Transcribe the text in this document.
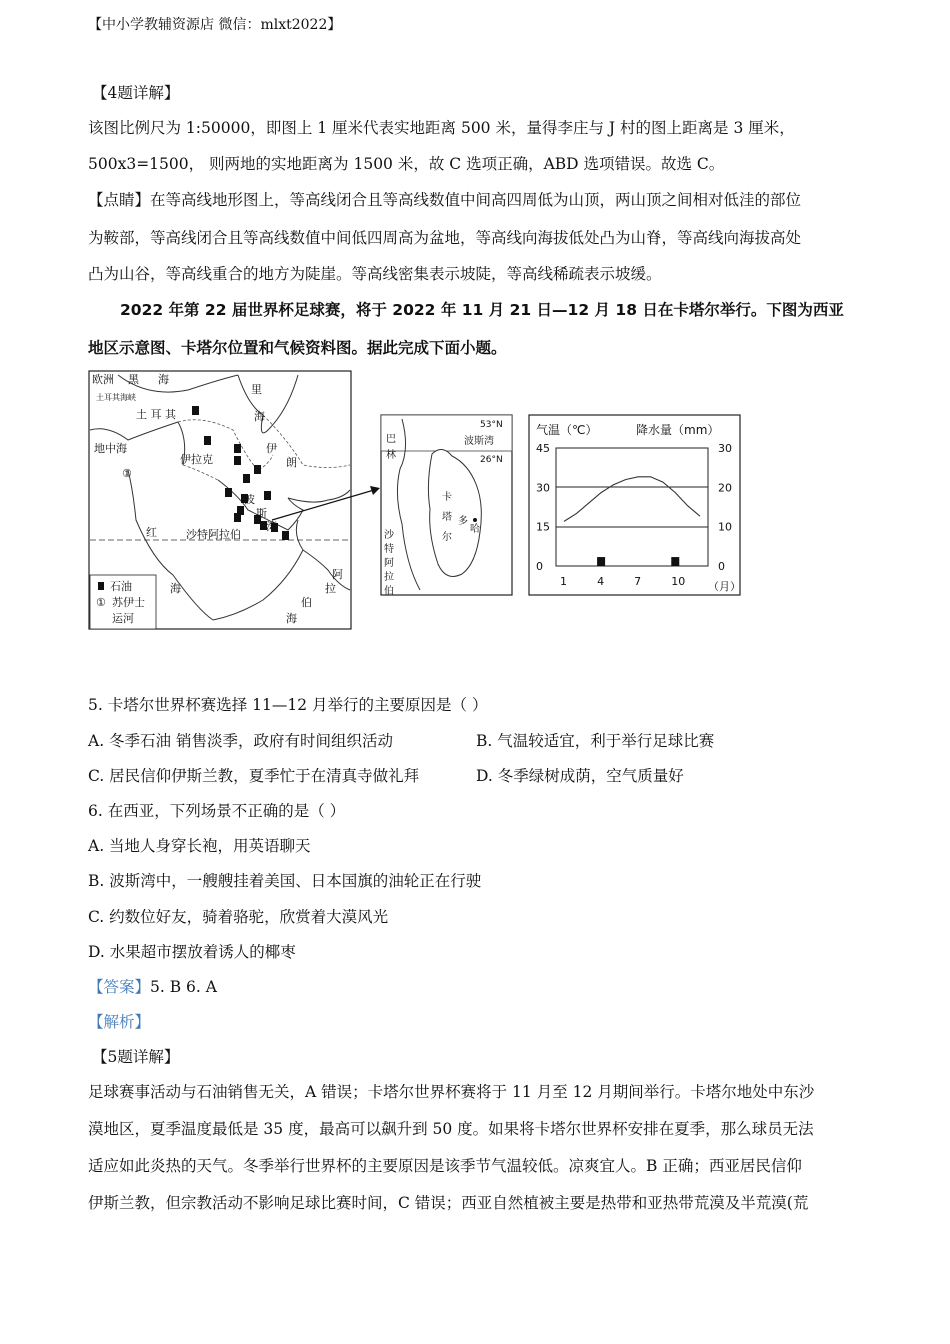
【中小学教辅资源店 微信：mlxt2022】
【4题详解】
该图比例尺为 1:50000，即图上 1 厘米代表实地距离 500 米，量得李庄与 J 村的图上距离是 3 厘米，
500x3=1500， 则两地的实地距离为 1500 米，故 C 选项正确，ABD 选项错误。故选 C。
【点睛】在等高线地形图上，等高线闭合且等高线数值中间高四周低为山顶，两山顶之间相对低洼的部位
为鞍部，等高线闭合且等高线数值中间低四周高为盆地，等高线向海拔低处凸为山脊，等高线向海拔高处
凸为山谷，等高线重合的地方为陡崖。等高线密集表示坡陡，等高线稀疏表示坡缓。
2022 年第 22 届世界杯足球赛，将于 2022 年 11 月 21 日—12 月 18 日在卡塔尔举行。下图为西亚
地区示意图、卡塔尔位置和气候资料图。据此完成下面小题。
欧洲 黑 海
里
海
土耳其海峡
土 耳 其
地中海
伊拉克
伊
朗
波
斯
湾
沙特阿拉伯
红
海
阿
拉
伯
海
①
石油
① 苏伊士
运河
53°N
26°N
巴
林
波斯湾
卡
塔
尔
多
哈
沙
特
阿
拉
伯
气温（℃）	降水量（mm）
45
30
15
0
30
20
10
0
1	4	7	10 （月）
5. 卡塔尔世界杯赛选择 11—12 月举行的主要原因是（ ）
A. 冬季石油 销售淡季，政府有时间组织活动	B. 气温较适宜，利于举行足球比赛
C. 居民信仰伊斯兰教，夏季忙于在清真寺做礼拜	D. 冬季绿树成荫，空气质量好
6. 在西亚，下列场景不正确的是（ ）
A. 当地人身穿长袍，用英语聊天
B. 波斯湾中，一艘艘挂着美国、日本国旗的油轮正在行驶
C. 约数位好友，骑着骆驼，欣赏着大漠风光
D. 水果超市摆放着诱人的椰枣
【答案】5. B 6. A
【解析】
【5题详解】
足球赛事活动与石油销售无关，A 错误；卡塔尔世界杯赛将于 11 月至 12 月期间举行。卡塔尔地处中东沙
漠地区，夏季温度最低是 35 度，最高可以飙升到 50 度。如果将卡塔尔世界杯安排在夏季，那么球员无法
适应如此炎热的天气。冬季举行世界杯的主要原因是该季节气温较低。凉爽宜人。B 正确；西亚居民信仰
伊斯兰教，但宗教活动不影响足球比赛时间，C 错误；西亚自然植被主要是热带和亚热带荒漠及半荒漠(荒
